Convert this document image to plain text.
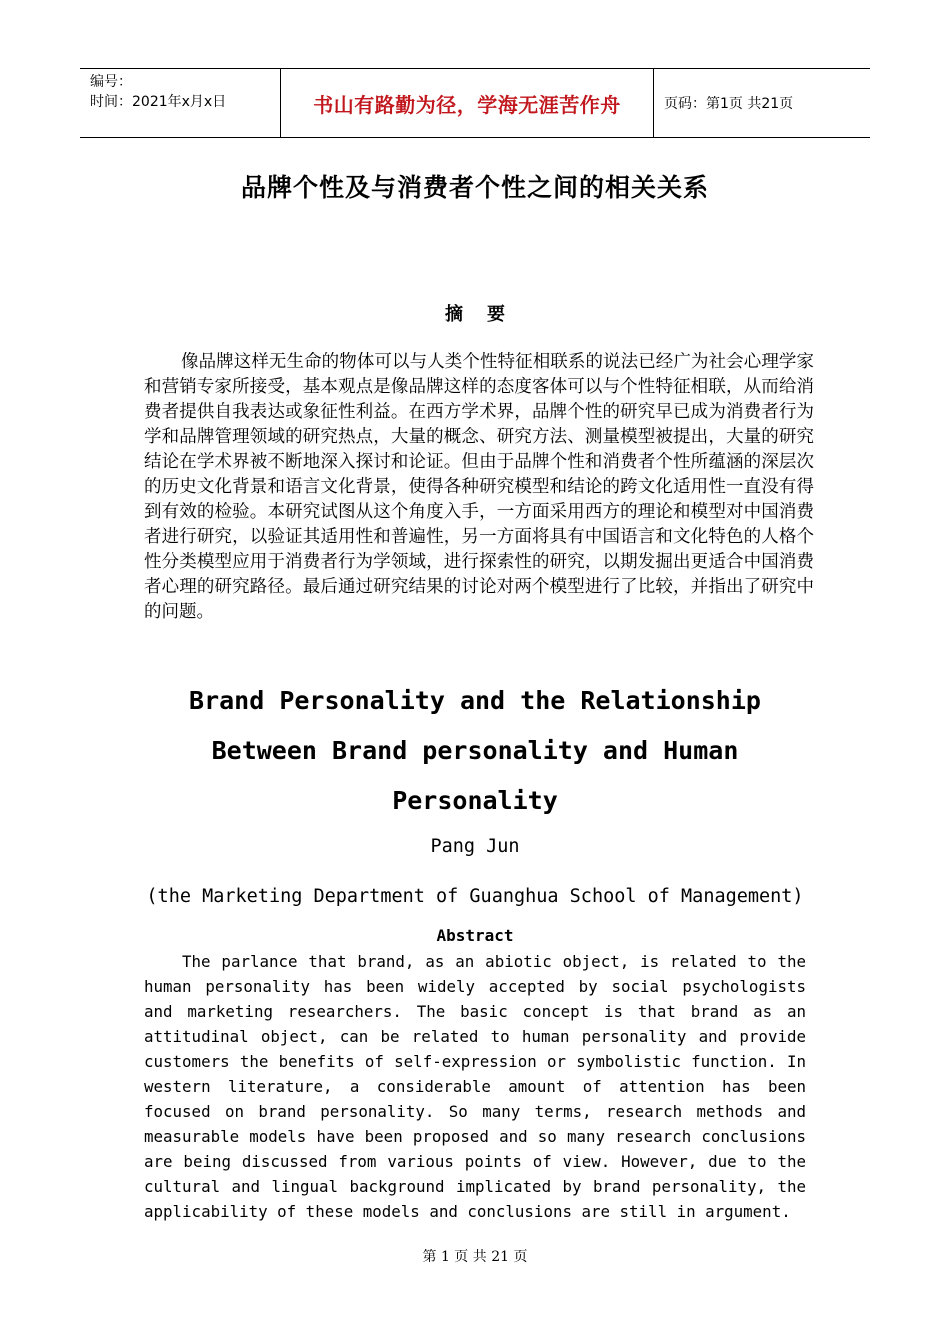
编号：
时间：2021年x月x日	书山有路勤为径，学海无涯苦作舟	页码：第1页 共21页
品牌个性及与消费者个性之间的相关关系
摘要
像品牌这样无生命的物体可以与人类个性特征相联系的说法已经广为社会心理学家和营销专家所接受，基本观点是像品牌这样的态度客体可以与个性特征相联，从而给消费者提供自我表达或象征性利益。在西方学术界，品牌个性的研究早已成为消费者行为学和品牌管理领域的研究热点，大量的概念、研究方法、测量模型被提出，大量的研究结论在学术界被不断地深入探讨和论证。但由于品牌个性和消费者个性所蕴涵的深层次的历史文化背景和语言文化背景，使得各种研究模型和结论的跨文化适用性一直没有得到有效的检验。本研究试图从这个角度入手，一方面采用西方的理论和模型对中国消费者进行研究，以验证其适用性和普遍性，另一方面将具有中国语言和文化特色的人格个性分类模型应用于消费者行为学领域，进行探索性的研究，以期发掘出更适合中国消费者心理的研究路径。最后通过研究结果的讨论对两个模型进行了比较，并指出了研究中的问题。
Brand Personality and the Relationship
Between Brand personality and Human
Personality
Pang Jun
(the Marketing Department of Guanghua School of Management)
Abstract
The parlance that brand, as an abiotic object, is related to the human personality has been widely accepted by social psychologists and marketing researchers. The basic concept is that brand as an attitudinal object, can be related to human personality and provide customers the benefits of self-expression or symbolistic function. In western literature, a considerable amount of attention has been focused on brand personality. So many terms, research methods and measurable models have been proposed and so many research conclusions are being discussed from various points of view. However, due to the cultural and lingual background implicated by brand personality, the applicability of these models and conclusions are still in argument.
第 1 页 共 21 页
